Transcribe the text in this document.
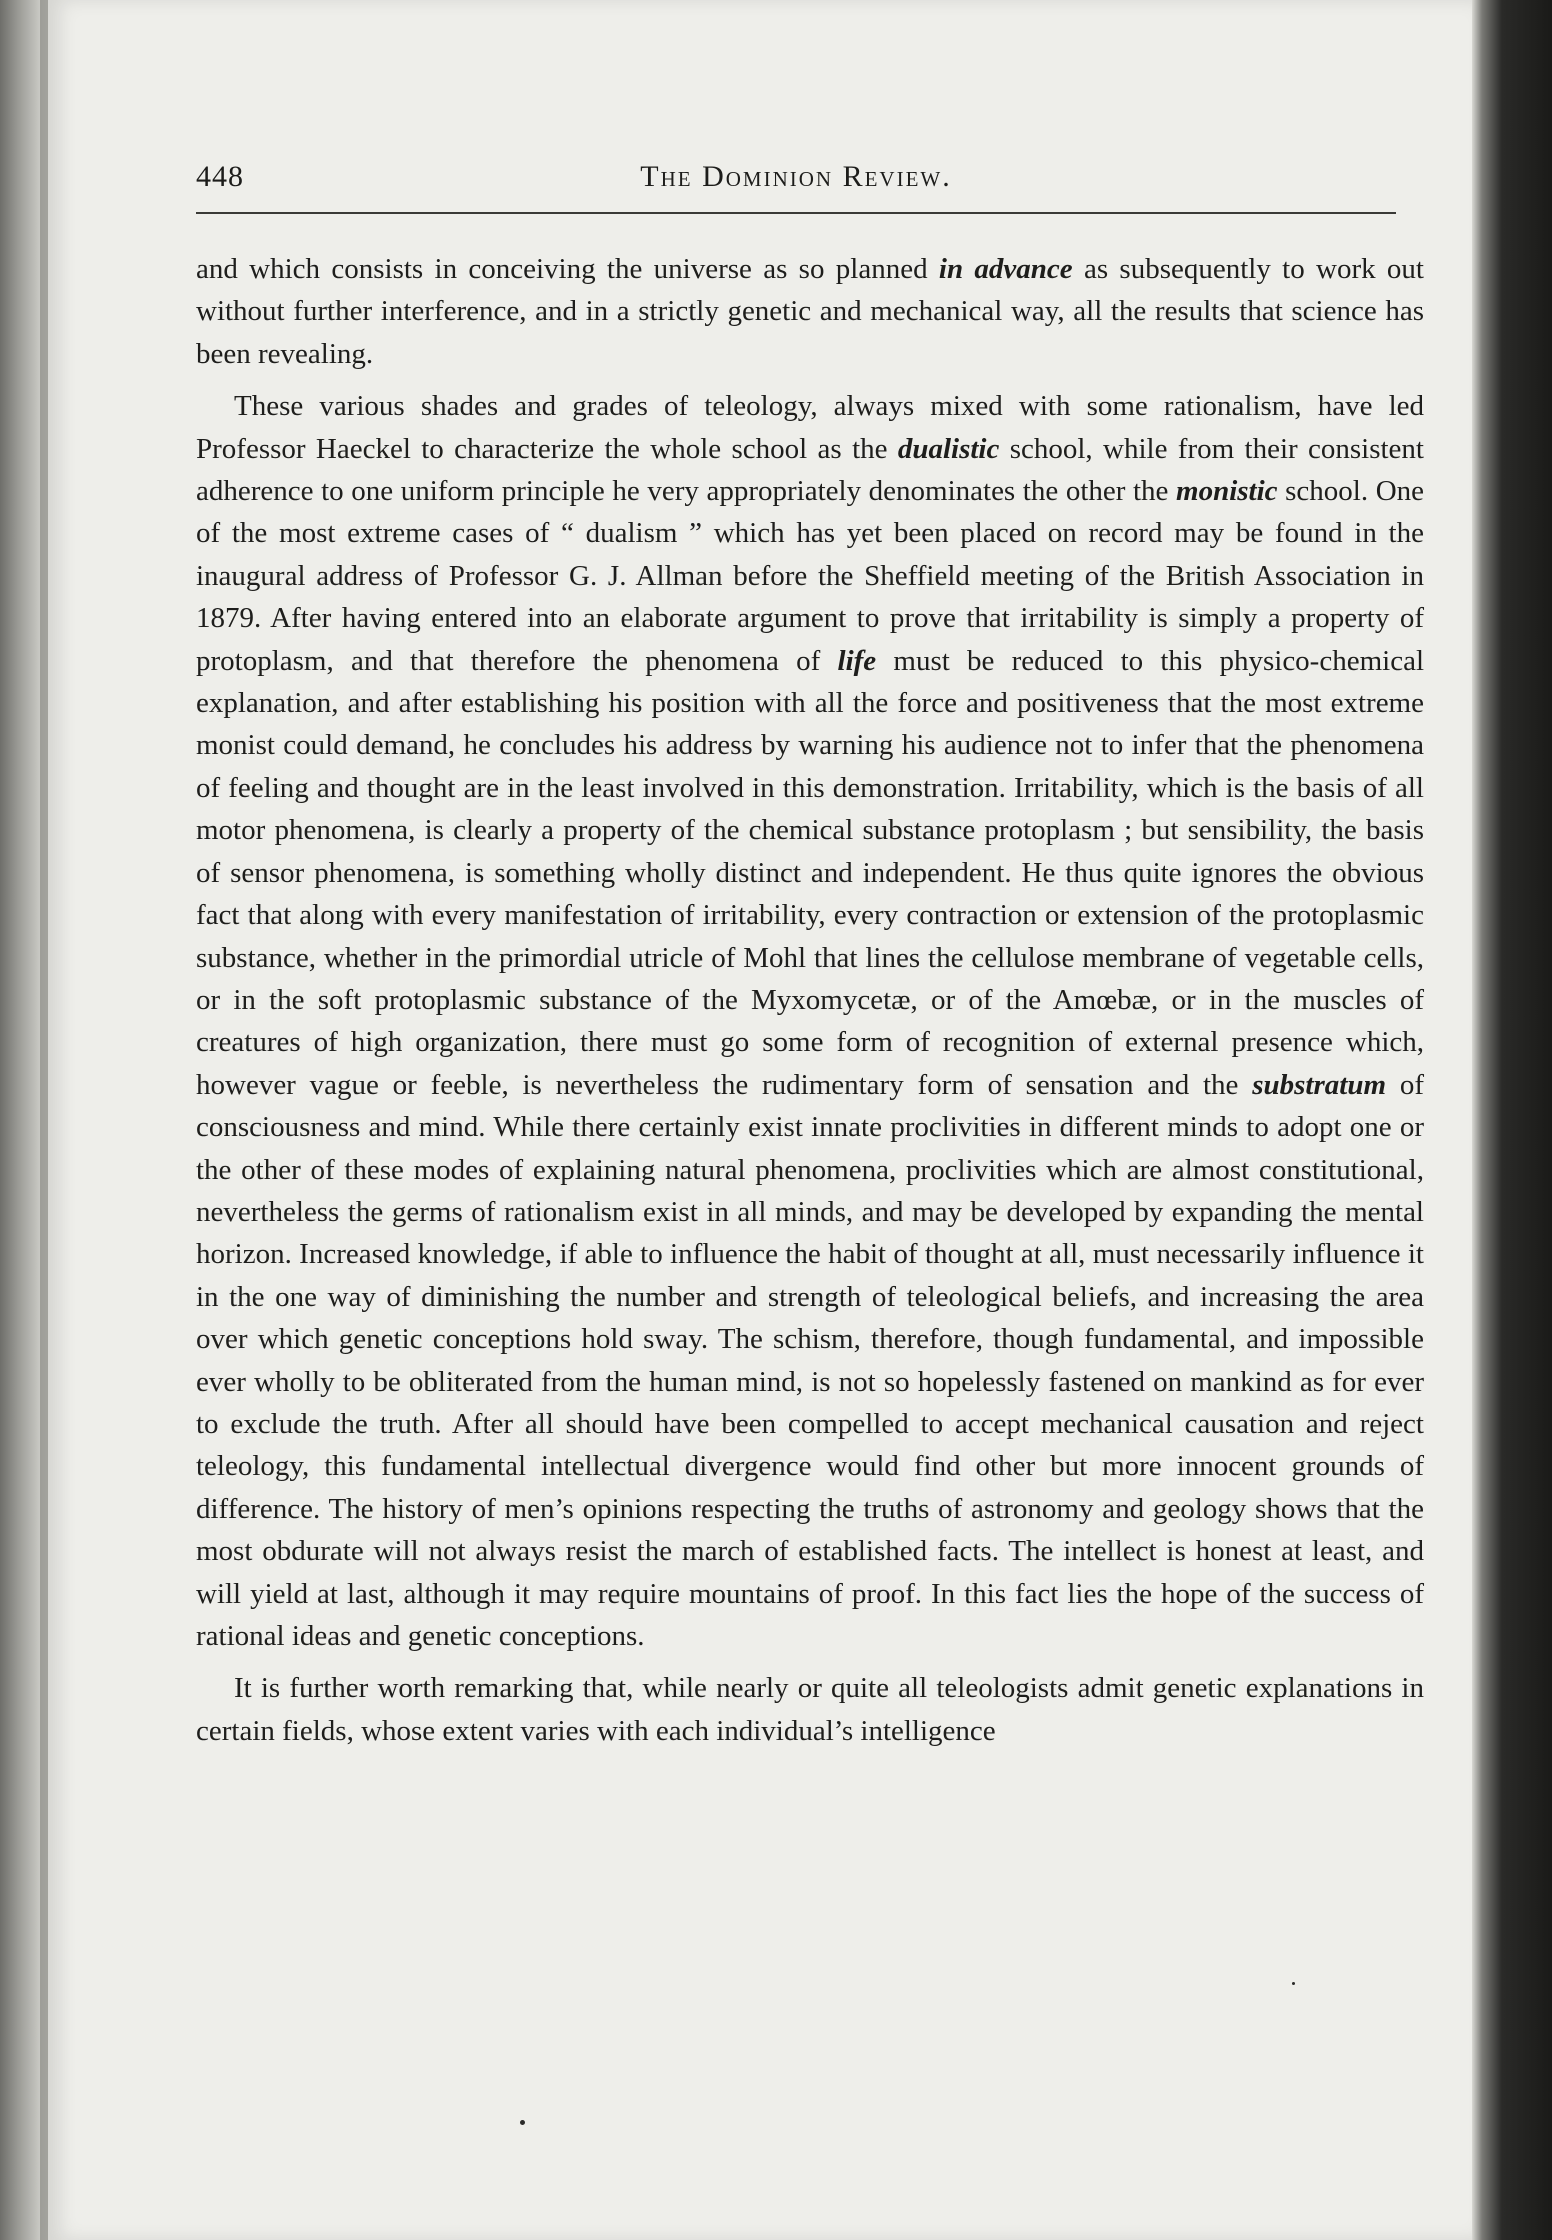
448	The Dominion Review.

and which consists in conceiving the universe as so planned in advance as subsequently to work out without further interference, and in a strictly genetic and mechanical way, all the results that science has been revealing.

These various shades and grades of teleology, always mixed with some rationalism, have led Professor Haeckel to characterize the whole school as the dualistic school, while from their consistent adherence to one uniform principle he very appropriately denominates the other the monistic school. One of the most extreme cases of “ dualism ” which has yet been placed on record may be found in the inaugural address of Professor G. J. Allman before the Sheffield meeting of the British Association in 1879. After having entered into an elaborate argument to prove that irritability is simply a property of protoplasm, and that therefore the phenomena of life must be reduced to this physico-chemical explanation, and after establishing his position with all the force and positiveness that the most extreme monist could demand, he concludes his address by warning his audience not to infer that the phenomena of feeling and thought are in the least involved in this demonstration. Irritability, which is the basis of all motor phenomena, is clearly a property of the chemical substance protoplasm ; but sensibility, the basis of sensor phenomena, is something wholly distinct and independent. He thus quite ignores the obvious fact that along with every manifestation of irritability, every contraction or extension of the protoplasmic substance, whether in the primordial utricle of Mohl that lines the cellulose membrane of vegetable cells, or in the soft protoplasmic substance of the Myxomycetæ, or of the Amœbæ, or in the muscles of creatures of high organization, there must go some form of recognition of external presence which, however vague or feeble, is nevertheless the rudimentary form of sensation and the substratum of consciousness and mind. While there certainly exist innate proclivities in different minds to adopt one or the other of these modes of explaining natural phenomena, proclivities which are almost constitutional, nevertheless the germs of rationalism exist in all minds, and may be developed by expanding the mental horizon. Increased knowledge, if able to influence the habit of thought at all, must necessarily influence it in the one way of diminishing the number and strength of teleological beliefs, and increasing the area over which genetic conceptions hold sway. The schism, therefore, though fundamental, and impossible ever wholly to be obliterated from the human mind, is not so hopelessly fastened on mankind as for ever to exclude the truth. After all should have been compelled to accept mechanical causation and reject teleology, this fundamental intellectual divergence would find other but more innocent grounds of difference. The history of men’s opinions respecting the truths of astronomy and geology shows that the most obdurate will not always resist the march of established facts. The intellect is honest at least, and will yield at last, although it may require mountains of proof. In this fact lies the hope of the success of rational ideas and genetic conceptions.

It is further worth remarking that, while nearly or quite all teleologists admit genetic explanations in certain fields, whose extent varies with each individual’s intelligence
